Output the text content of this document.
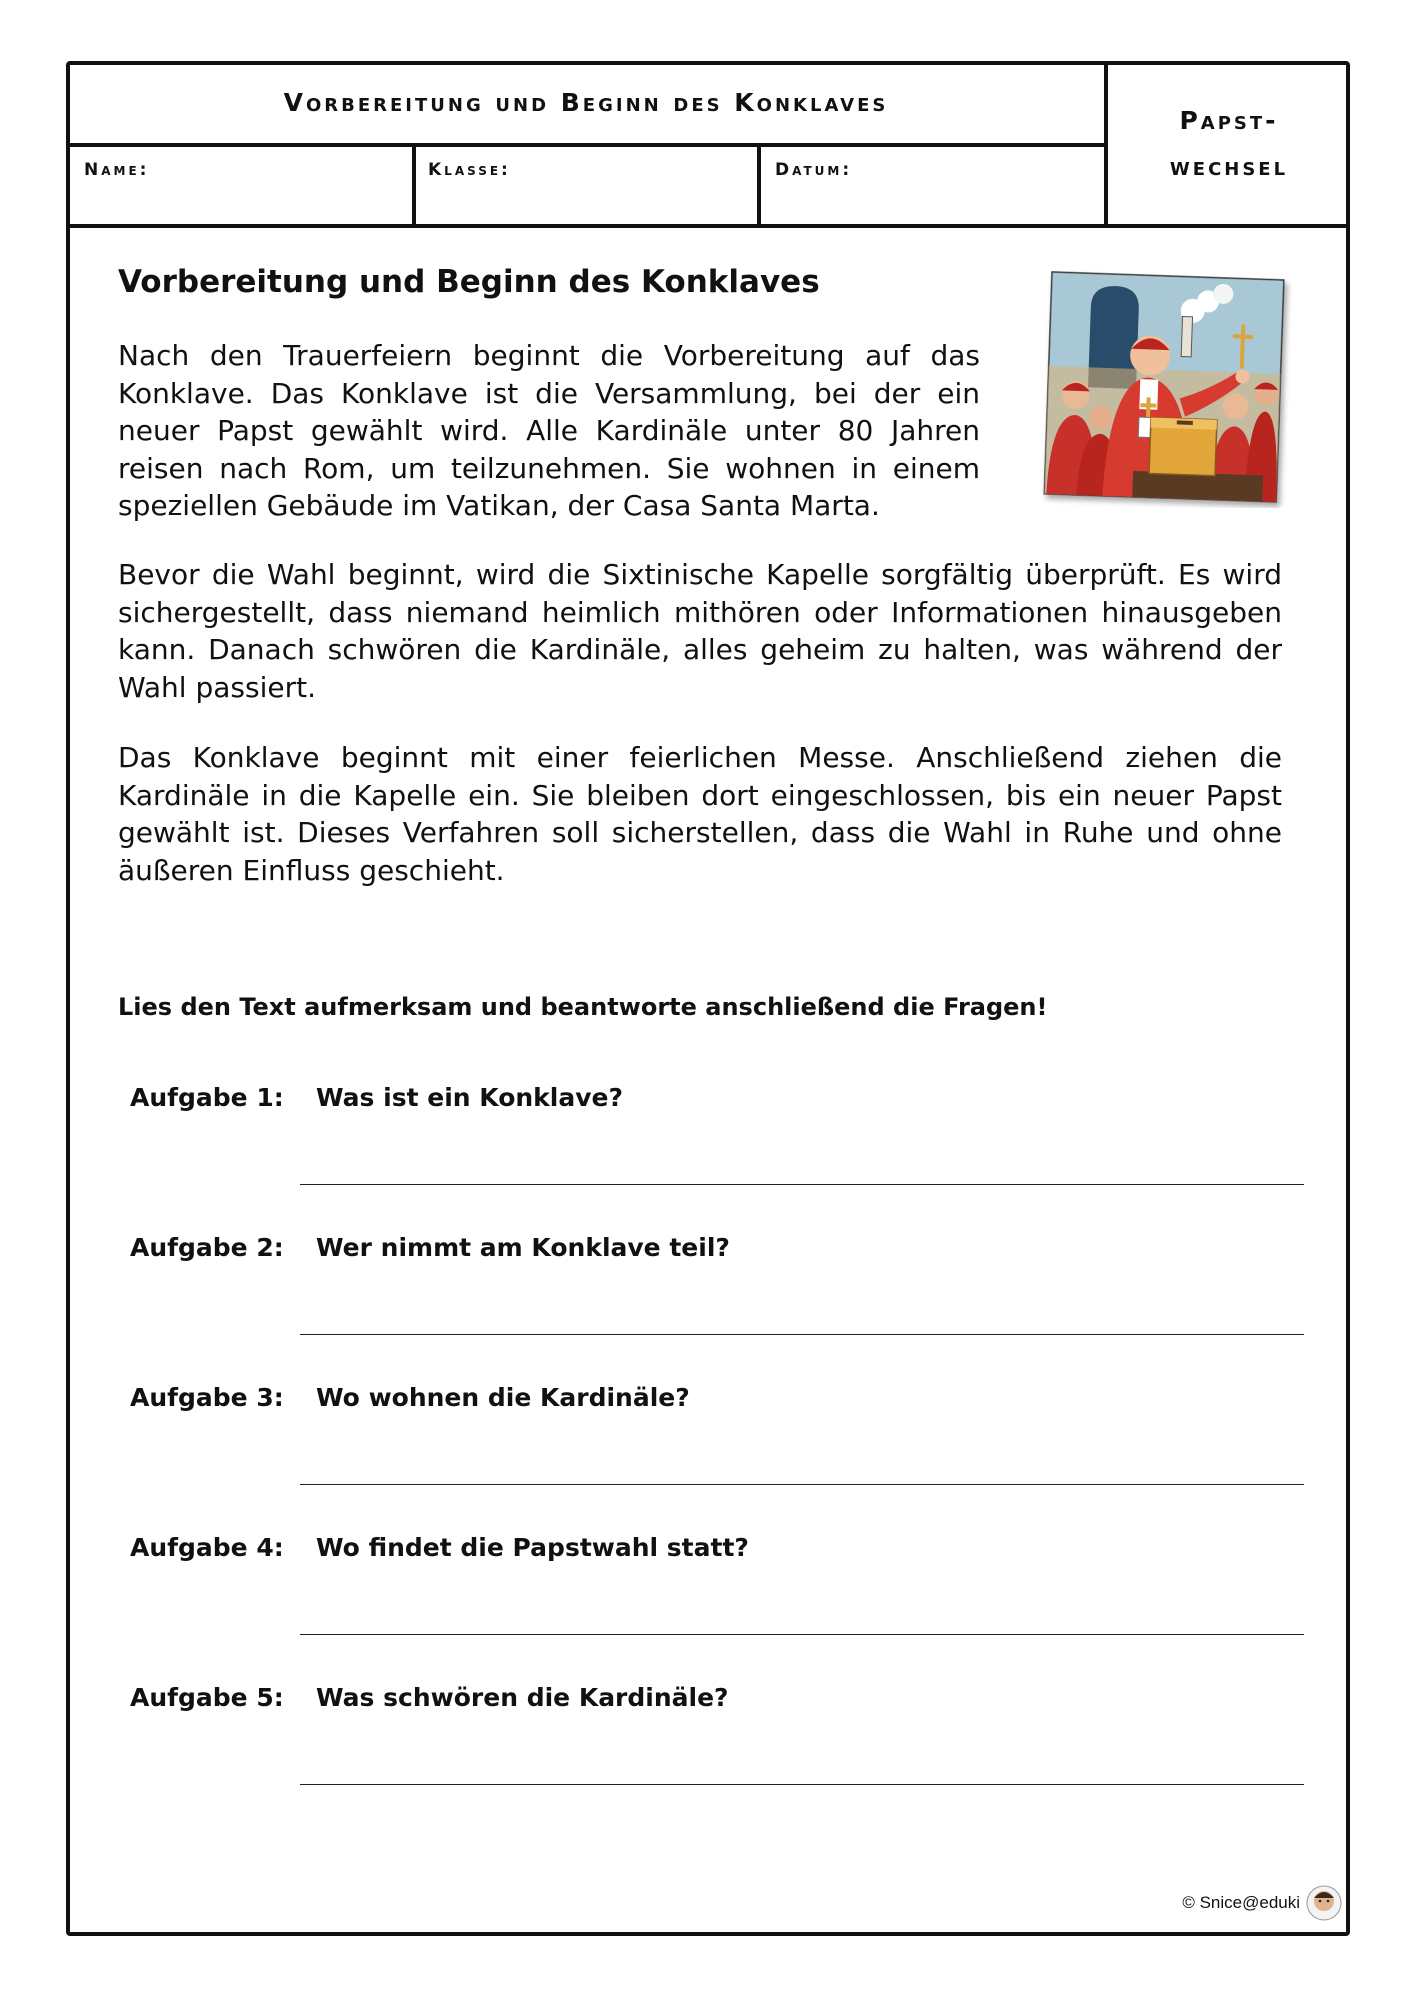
Vorbereitung und Beginn des Konklaves
Name:	Klasse:	Datum:
Papst-
wechsel
Vorbereitung und Beginn des Konklaves

Nach den Trauerfeiern beginnt die Vorbereitung auf das Konklave. Das Konklave ist die Versammlung, bei der ein neuer Papst gewählt wird. Alle Kardinäle unter 80 Jahren reisen nach Rom, um teilzunehmen. Sie wohnen in einem speziellen Gebäude im Vatikan, der Casa Santa Marta.

Bevor die Wahl beginnt, wird die Sixtinische Kapelle sorgfältig überprüft. Es wird sichergestellt, dass niemand heimlich mithören oder Informationen hinausgeben kann. Danach schwören die Kardinäle, alles geheim zu halten, was während der Wahl passiert.

Das Konklave beginnt mit einer feierlichen Messe. Anschließend ziehen die Kardinäle in die Kapelle ein. Sie bleiben dort eingeschlossen, bis ein neuer Papst gewählt ist. Dieses Verfahren soll sicherstellen, dass die Wahl in Ruhe und ohne äußeren Einfluss geschieht.

Lies den Text aufmerksam und beantworte anschließend die Fragen!
Aufgabe 1: Was ist ein Konklave?
Aufgabe 2: Wer nimmt am Konklave teil?
Aufgabe 3: Wo wohnen die Kardinäle?
Aufgabe 4: Wo findet die Papstwahl statt?
Aufgabe 5: Was schwören die Kardinäle?
© Snice@eduki
